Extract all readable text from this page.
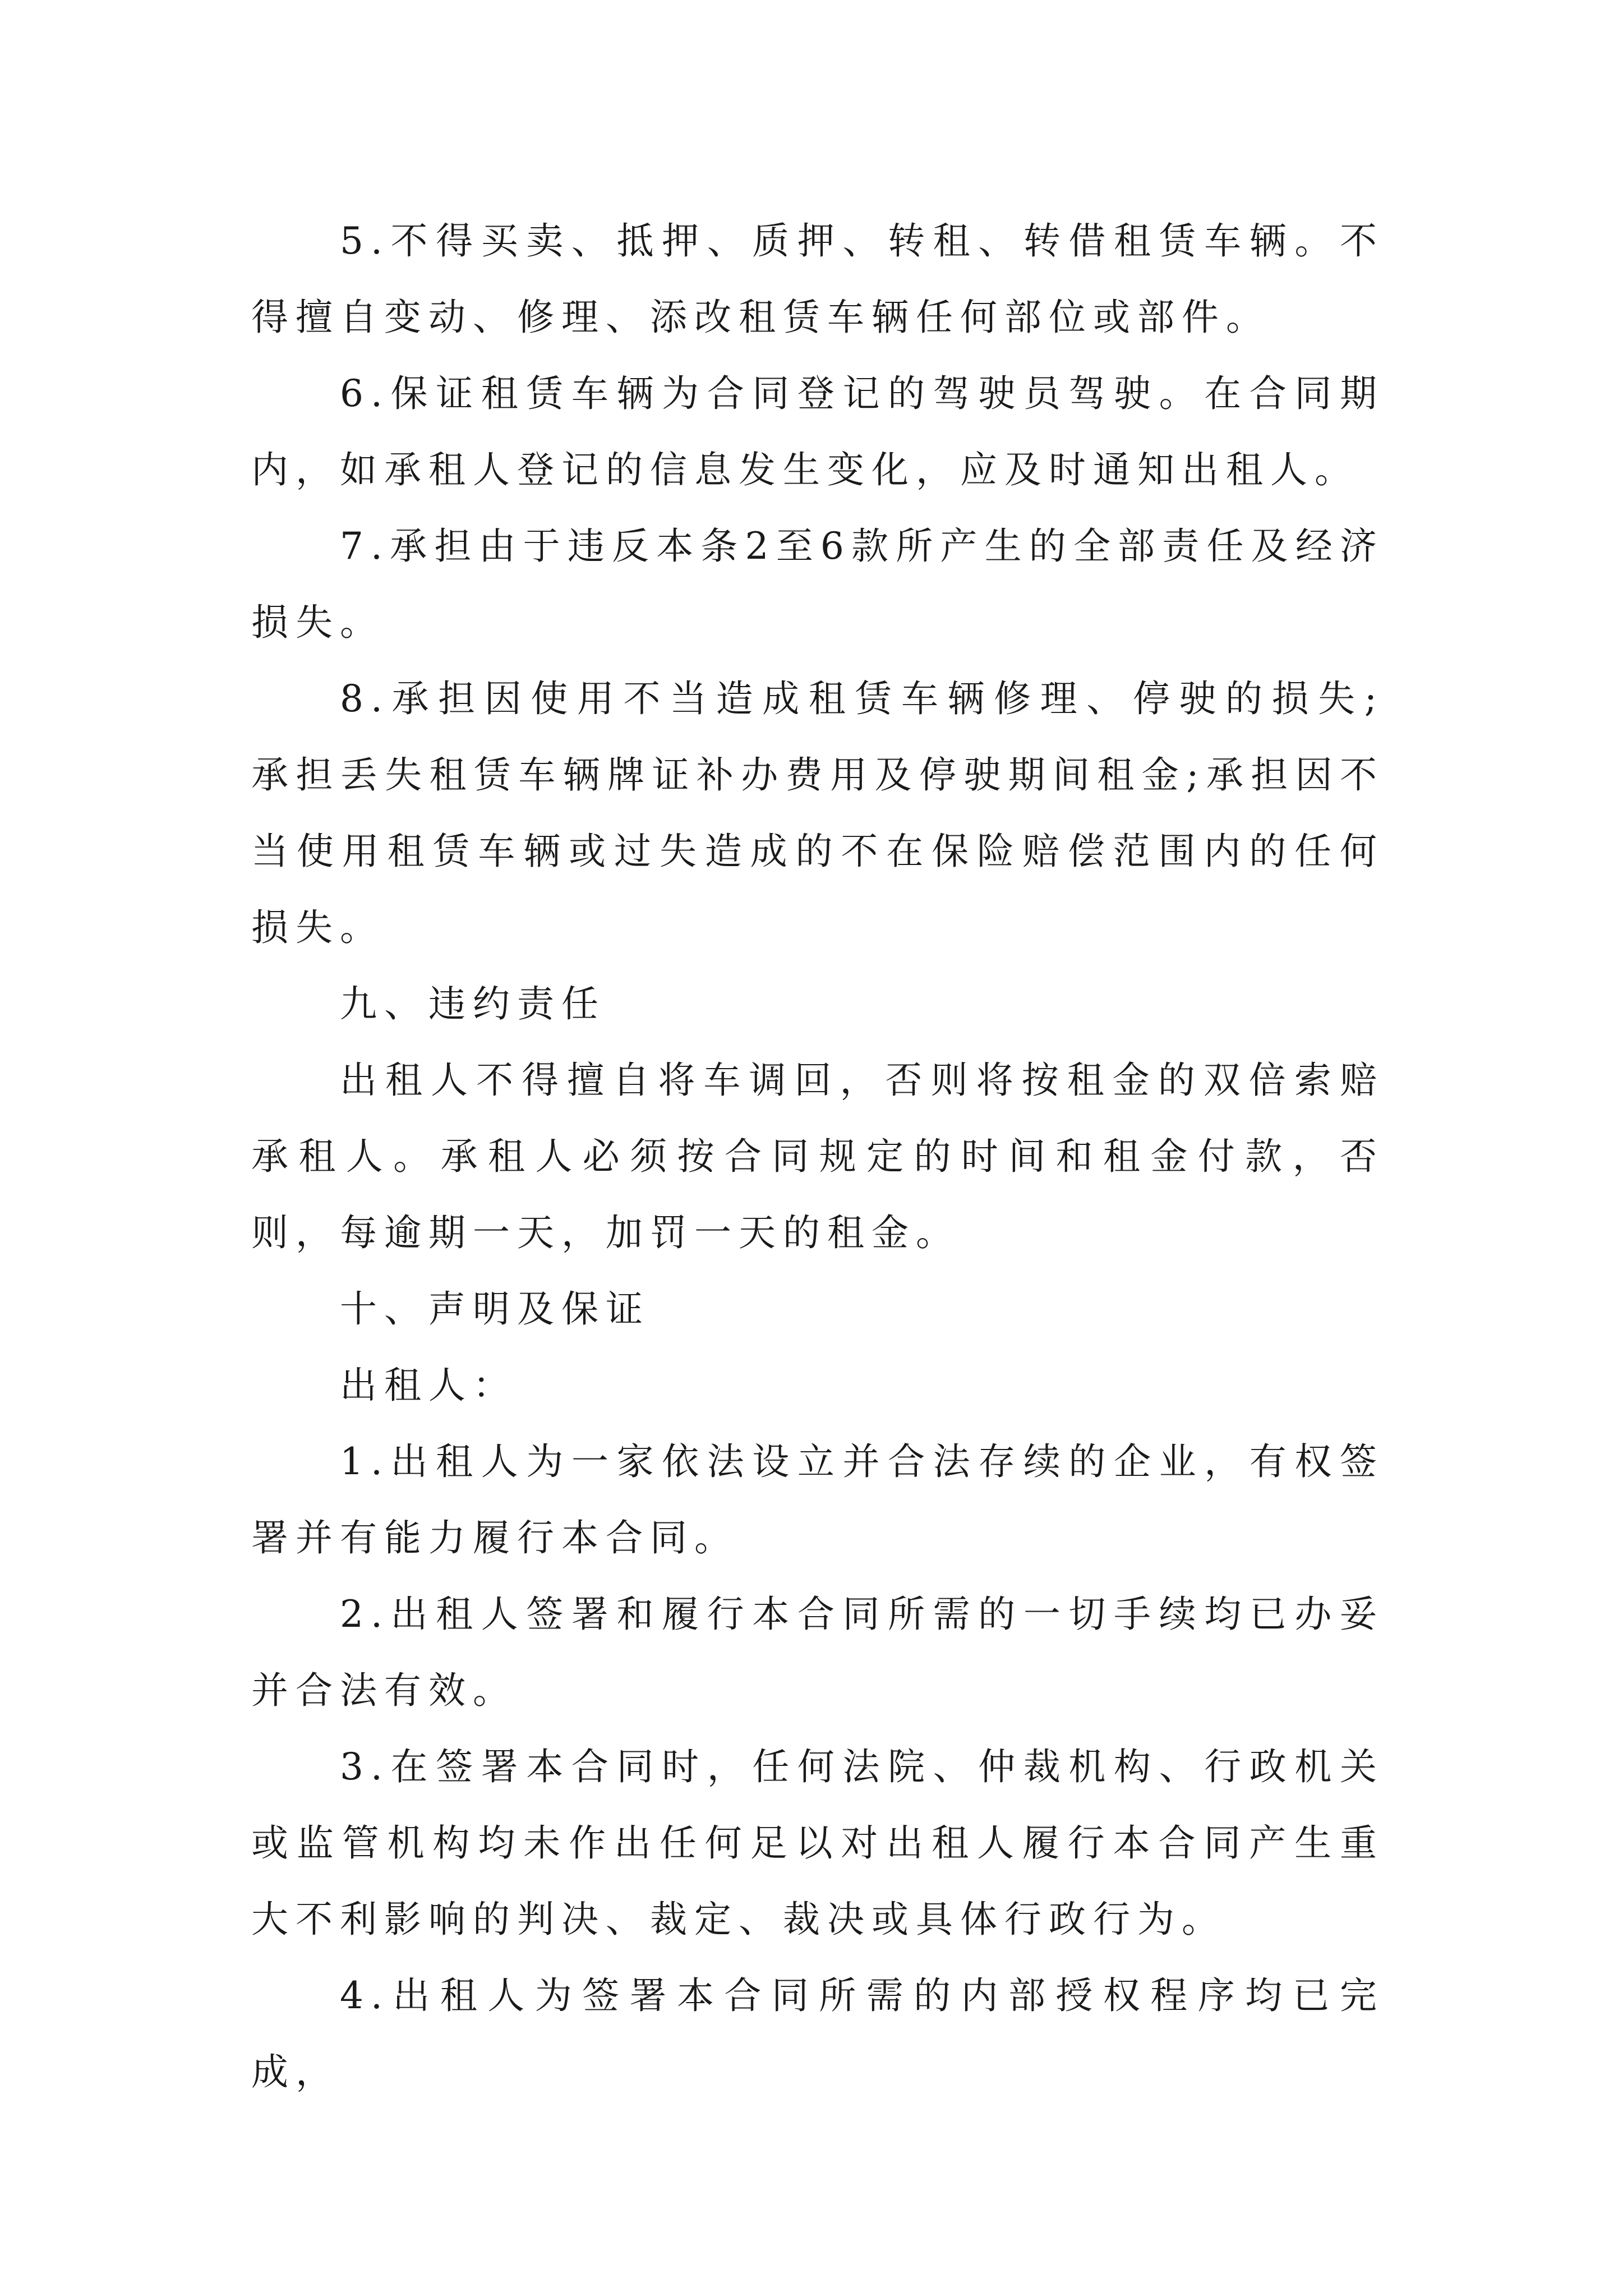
5.不得买卖、抵押、质押、转租、转借租赁车辆。不得擅自变动、修理、添改租赁车辆任何部位或部件。

6.保证租赁车辆为合同登记的驾驶员驾驶。在合同期内，如承租人登记的信息发生变化，应及时通知出租人。

7.承担由于违反本条2至6款所产生的全部责任及经济损失。

8.承担因使用不当造成租赁车辆修理、停驶的损失;承担丢失租赁车辆牌证补办费用及停驶期间租金;承担因不当使用租赁车辆或过失造成的不在保险赔偿范围内的任何损失。

九、违约责任

出租人不得擅自将车调回，否则将按租金的双倍索赔承租人。承租人必须按合同规定的时间和租金付款，否则，每逾期一天，加罚一天的租金。

十、声明及保证

出租人：

1.出租人为一家依法设立并合法存续的企业，有权签署并有能力履行本合同。

2.出租人签署和履行本合同所需的一切手续均已办妥并合法有效。

3.在签署本合同时，任何法院、仲裁机构、行政机关或监管机构均未作出任何足以对出租人履行本合同产生重大不利影响的判决、裁定、裁决或具体行政行为。

4.出租人为签署本合同所需的内部授权程序均已完成，
